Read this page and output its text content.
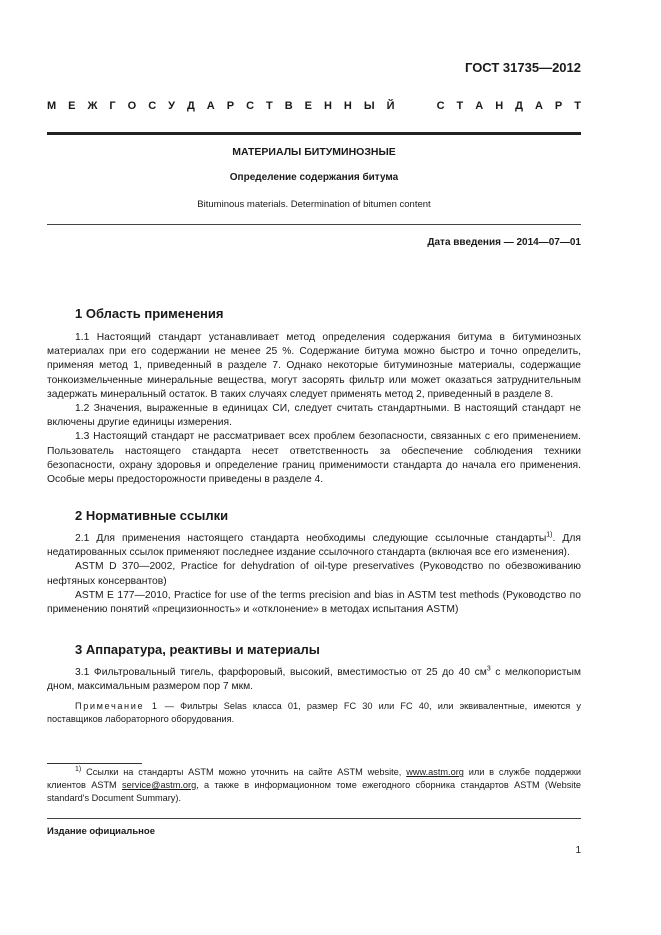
ГОСТ 31735—2012
М Е Ж Г О С У Д А Р С Т В Е Н Н Ы Й

	С Т А Н Д А Р Т
МАТЕРИАЛЫ БИТУМИНОЗНЫЕ
Определение содержания битума
Bituminous materials. Determination of bitumen content
Дата введения — 2014—07—01
1 Область применения

1.1 Настоящий стандарт устанавливает метод определения содержания битума в битуминозных материалах при его содержании не менее 25 %. Содержание битума можно быстро и точно определить, применяя метод 1, приведенный в разделе 7. Однако некоторые битуминозные материалы, содержащие тонкоизмельченные минеральные вещества, могут засорять фильтр или может оказаться затруднительным задержать минеральный остаток. В таких случаях следует применять метод 2, приведенный в разделе 8.

1.2 Значения, выраженные в единицах СИ, следует считать стандартными. В настоящий стандарт не включены другие единицы измерения.

1.3 Настоящий стандарт не рассматривает всех проблем безопасности, связанных с его применением. Пользователь настоящего стандарта несет ответственность за обеспечение соблюдения техники безопасности, охрану здоровья и определение границ применимости стандарта до начала его применения. Особые меры предосторожности приведены в разделе 4.

2 Нормативные ссылки

2.1 Для применения настоящего стандарта необходимы следующие ссылочные стандарты$^{1)}$. Для недатированных ссылок применяют последнее издание ссылочного стандарта (включая все его изменения).

ASTM D 370—2002, Practice for dehydration of oil-type preservatives (Руководство по обезвоживанию нефтяных консервантов)

ASTM E 177—2010, Practice for use of the terms precision and bias in ASTM test methods (Руководство по применению понятий «прецизионность» и «отклонение» в методах испытания ASTM)

3 Аппаратура, реактивы и материалы

3.1 Фильтровальный тигель, фарфоровый, высокий, вместимостью от 25 до 40 $см^3$ с мелкопористым дном, максимальным размером пор 7 мкм.

Примечание 1 — Фильтры Selas класса 01, размер FC 30 или FC 40, или эквивалентные, имеются у поставщиков лабораторного оборудования.

$^{1)}$ Ссылки на стандарты ASTM можно уточнить на сайте ASTM website, www.astm.org или в службе поддержки клиентов ASTM service@astm.org, а также в информационном томе ежегодного сборника стандартов ASTM (Website standard's Document Summary).
Издание официальное
1
